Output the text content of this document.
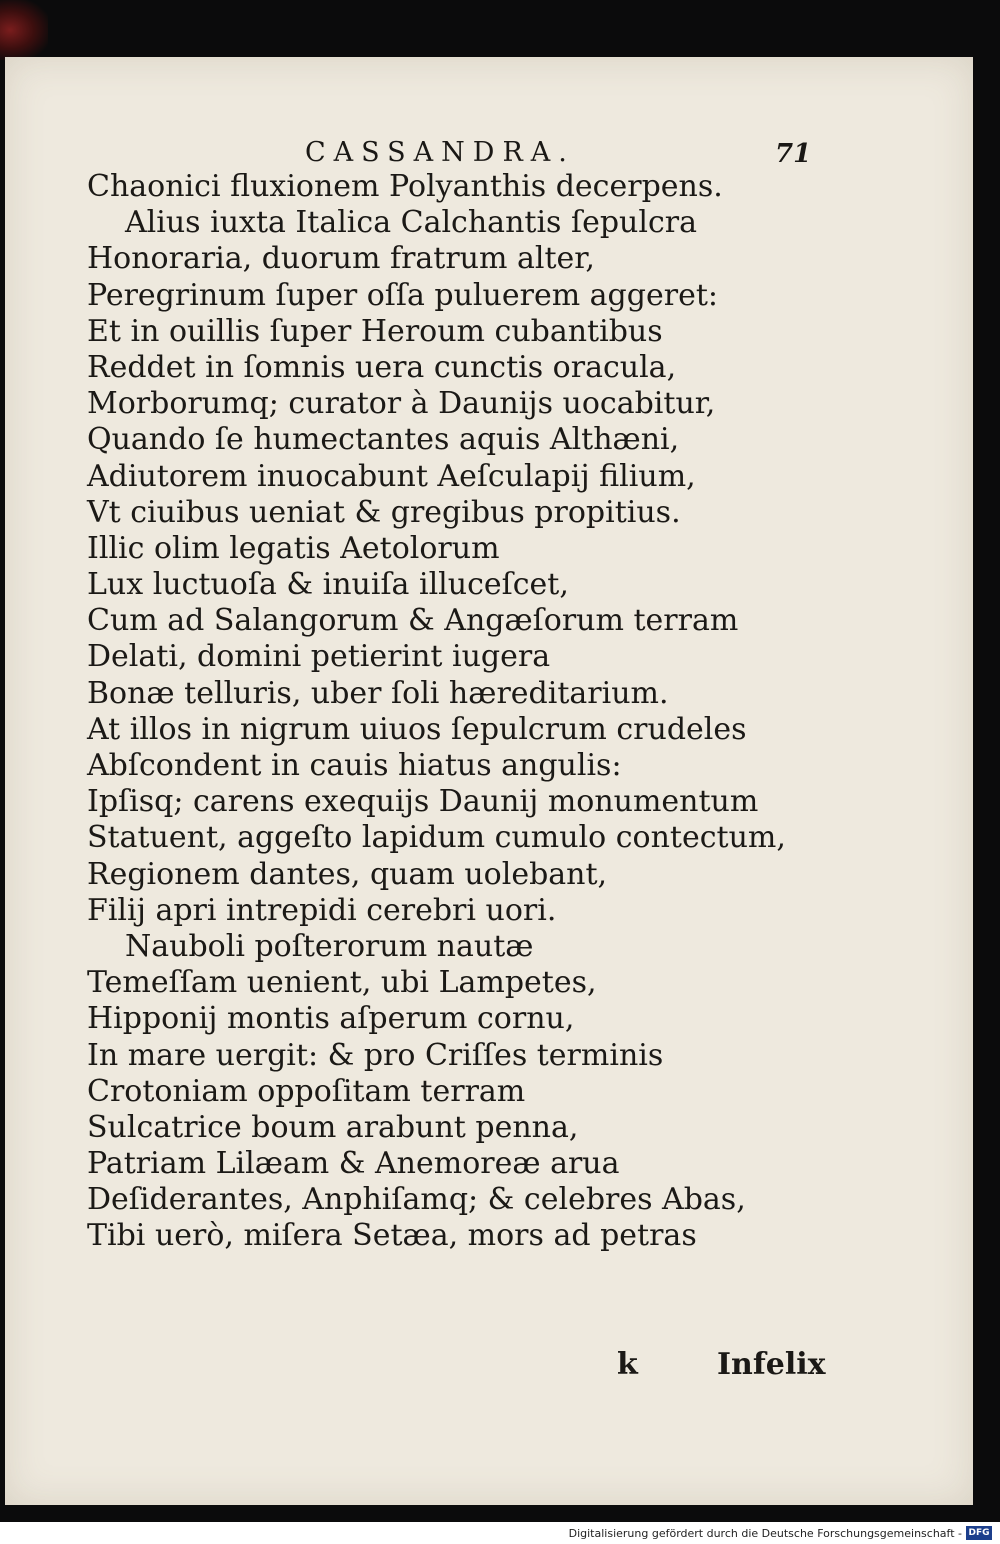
CASSANDRA.	71
Chaonici fluxionem Polyanthis decerpens.
Alius iuxta Italica Calchantis ſepulcra
Honoraria, duorum fratrum alter,
Peregrinum ſuper oſſa puluerem aggeret:
Et in ouillis ſuper Heroum cubantibus
Reddet in ſomnis uera cunctis oracula,
Morborumq; curator à Daunijs uocabitur,
Quando ſe humectantes aquis Althæni,
Adiutorem inuocabunt Aeſculapij filium,
Vt ciuibus ueniat & gregibus propitius.
Illic olim legatis Aetolorum
Lux luctuoſa & inuiſa illuceſcet,
Cum ad Salangorum & Angæſorum terram
Delati, domini petierint iugera
Bonæ telluris, uber ſoli hæreditarium.
At illos in nigrum uiuos ſepulcrum crudeles
Abſcondent in cauis hiatus angulis:
Ipſisq; carens exequijs Daunij monumentum
Statuent, aggeſto lapidum cumulo contectum,
Regionem dantes, quam uolebant,
Filij apri intrepidi cerebri uori.
Nauboli poſterorum nautæ
Temeſſam uenient, ubi Lampetes,
Hipponij montis aſperum cornu,
In mare uergit: & pro Criſſes terminis
Crotoniam oppoſitam terram
Sulcatrice boum arabunt penna,
Patriam Lilæam & Anemoreæ arua
Deſiderantes, Anphiſamq; & celebres Abas,
Tibi uerò, miſera Setæa, mors ad petras
k	Infelix
Digitalisierung gefördert durch die Deutsche Forschungsgemeinschaft - DFG
